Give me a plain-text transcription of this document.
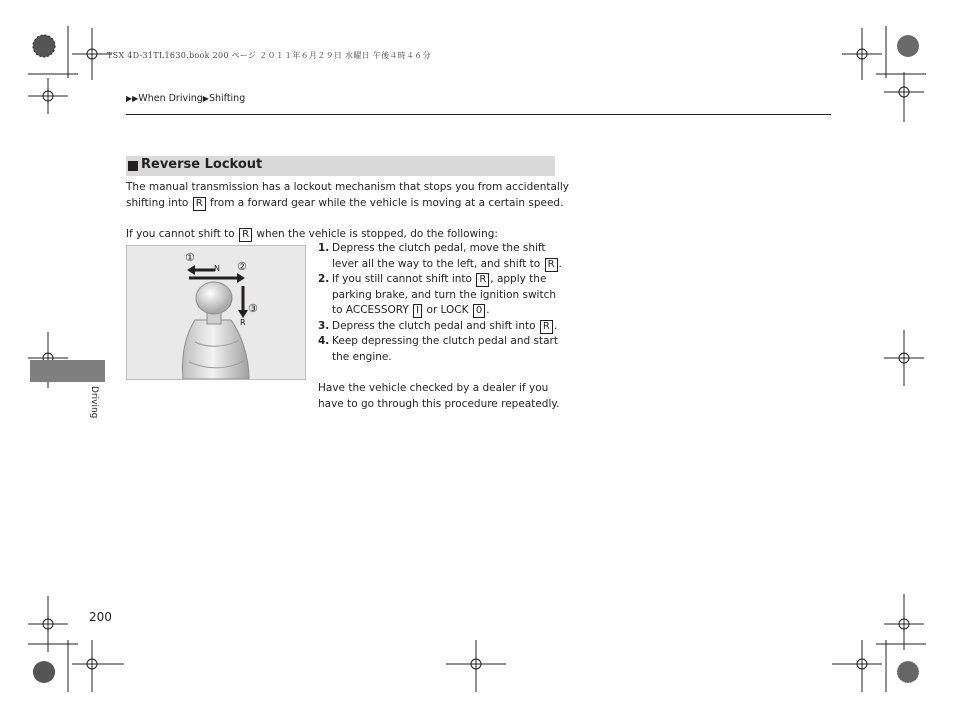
TSX 4D-31TL1630.book 200 ページ ２０１１年６月２９日 水曜日 午後４時４６分
▶▶When Driving▶Shifting
Reverse Lockout
The manual transmission has a lockout mechanism that stops you from accidentally
shifting into R from a forward gear while the vehicle is moving at a certain speed.
If you cannot shift to R when the vehicle is stopped, do the following:
①
N ②
③
R
1. Depress the clutch pedal, move the shift
lever all the way to the left, and shift to R .
2. If you still cannot shift into R , apply the
parking brake, and turn the ignition switch
to ACCESSORY I or LOCK 0 .
3. Depress the clutch pedal and shift into R .
4. Keep depressing the clutch pedal and start
the engine.
Have the vehicle checked by a dealer if you
have to go through this procedure repeatedly.
Driving
200
